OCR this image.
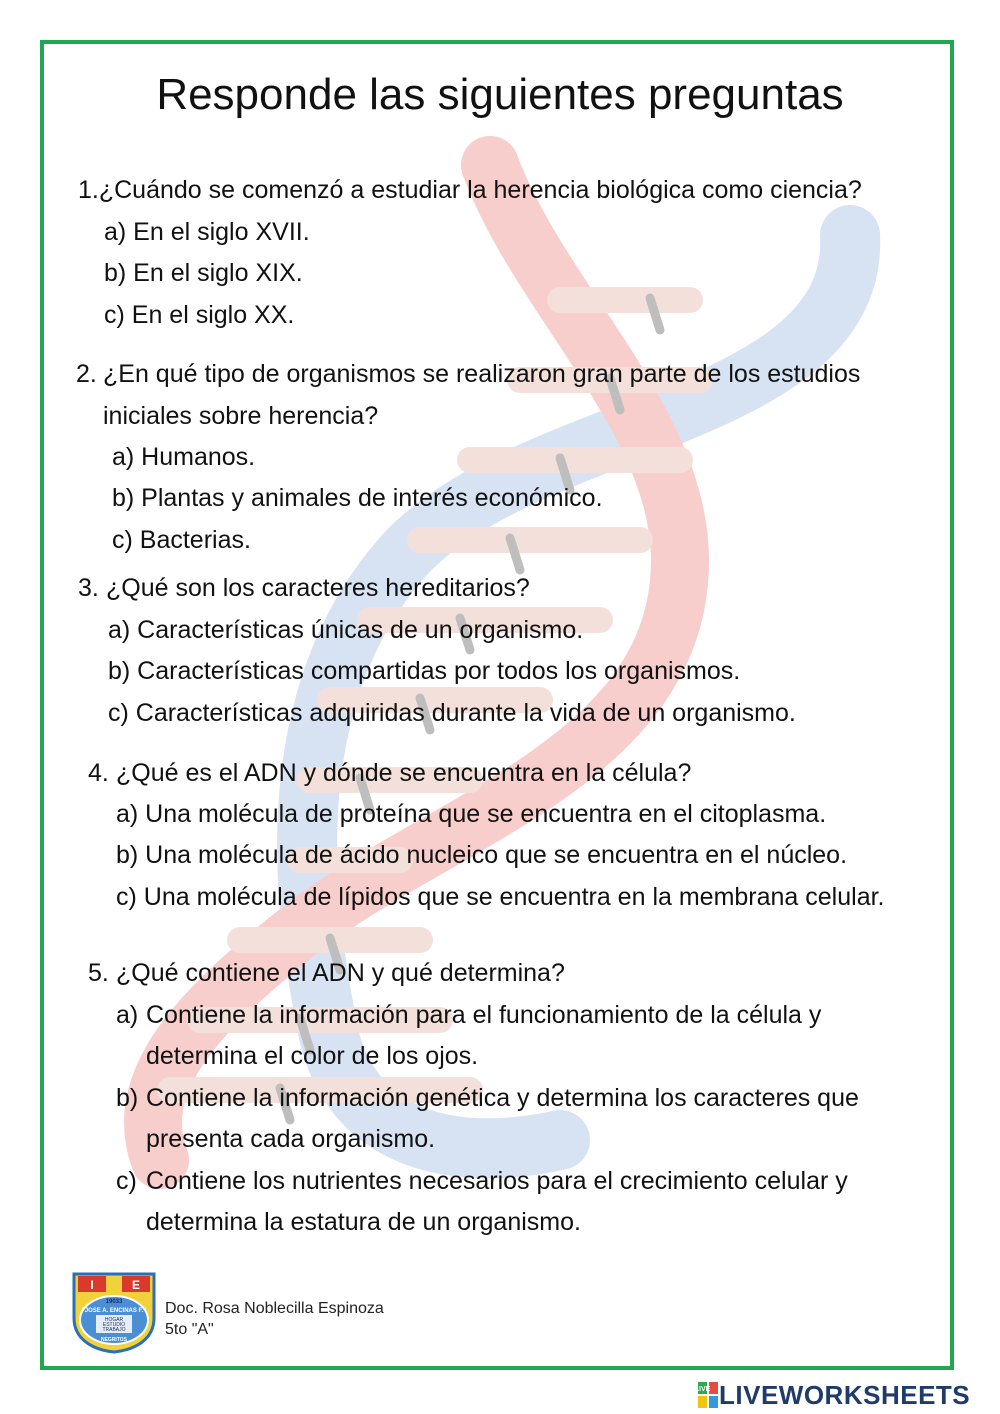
Responde las siguientes preguntas
1.¿Cuándo se comenzó a estudiar la herencia biológica como ciencia?
a) En el siglo XVII.
b) En el siglo XIX.
c) En el siglo XX.
2. ¿En qué tipo de organismos se realizaron gran parte de los estudios
iniciales sobre herencia?
a) Humanos.
b) Plantas y animales de interés económico.
c) Bacterias.
3. ¿Qué son los caracteres hereditarios?
a) Características únicas de un organismo.
b) Características compartidas por todos los organismos.
c) Características adquiridas durante la vida de un organismo.
4. ¿Qué es el ADN y dónde se encuentra en la célula?
a) Una molécula de proteína que se encuentra en el citoplasma.
b) Una molécula de ácido nucleico que se encuentra en el núcleo.
c) Una molécula de lípidos que se encuentra en la membrana celular.
5. ¿Qué contiene el ADN y qué determina?
a) Contiene la información para el funcionamiento de la célula y
determina el color de los ojos.
b) Contiene la información genética y determina los caracteres que
presenta cada organismo.
c) Contiene los nutrientes necesarios para el crecimiento celular y
determina la estatura de un organismo.
I	E
19033
"JOSE A. ENCINAS F."
HOGAR
ESTUDIO
TRABAJO
NEGRITOS
Doc. Rosa Noblecilla Espinoza
5to "A"
LIVE LIVEWORKSHEETS
